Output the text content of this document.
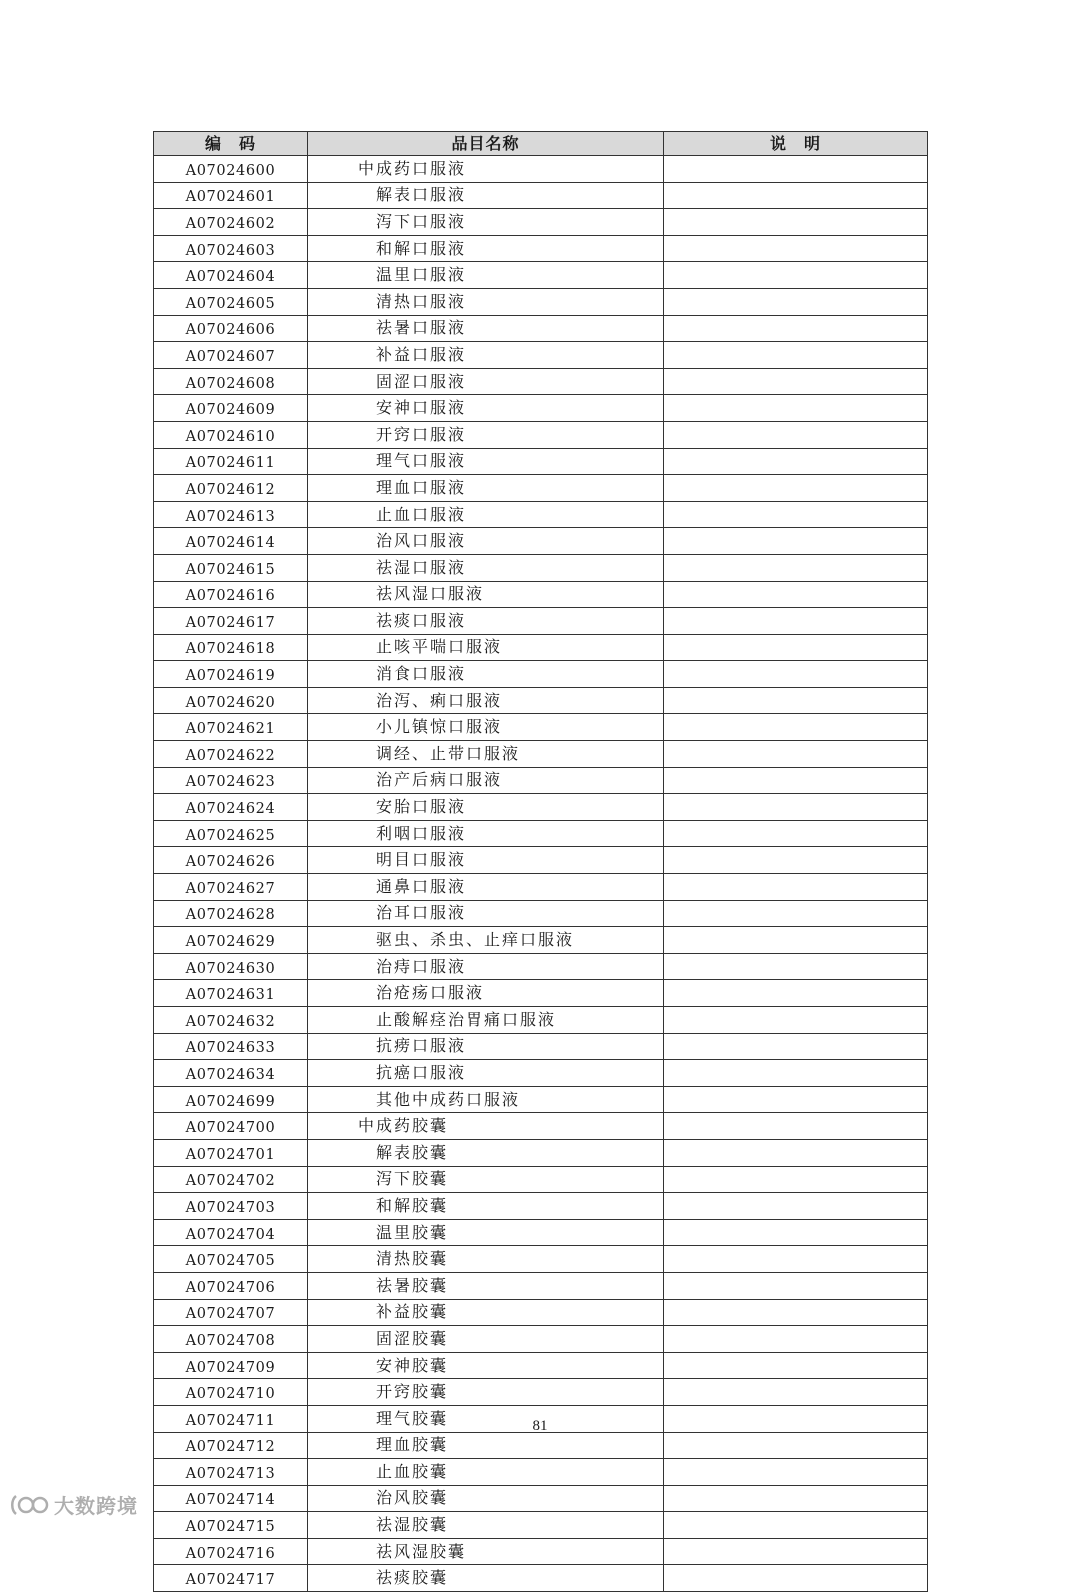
编　码	品目名称	说　明
A07024600	中成药口服液	
A07024601	解表口服液	
A07024602	泻下口服液	
A07024603	和解口服液	
A07024604	温里口服液	
A07024605	清热口服液	
A07024606	祛暑口服液	
A07024607	补益口服液	
A07024608	固涩口服液	
A07024609	安神口服液	
A07024610	开窍口服液	
A07024611	理气口服液	
A07024612	理血口服液	
A07024613	止血口服液	
A07024614	治风口服液	
A07024615	祛湿口服液	
A07024616	祛风湿口服液	
A07024617	祛痰口服液	
A07024618	止咳平喘口服液	
A07024619	消食口服液	
A07024620	治泻、痢口服液	
A07024621	小儿镇惊口服液	
A07024622	调经、止带口服液	
A07024623	治产后病口服液	
A07024624	安胎口服液	
A07024625	利咽口服液	
A07024626	明目口服液	
A07024627	通鼻口服液	
A07024628	治耳口服液	
A07024629	驱虫、杀虫、止痒口服液	
A07024630	治痔口服液	
A07024631	治疮疡口服液	
A07024632	止酸解痉治胃痛口服液	
A07024633	抗痨口服液	
A07024634	抗癌口服液	
A07024699	其他中成药口服液	
A07024700	中成药胶囊	
A07024701	解表胶囊	
A07024702	泻下胶囊	
A07024703	和解胶囊	
A07024704	温里胶囊	
A07024705	清热胶囊	
A07024706	祛暑胶囊	
A07024707	补益胶囊	
A07024708	固涩胶囊	
A07024709	安神胶囊	
A07024710	开窍胶囊	
A07024711	理气胶囊	
A07024712	理血胶囊	
A07024713	止血胶囊	
A07024714	治风胶囊	
A07024715	祛湿胶囊	
A07024716	祛风湿胶囊	
A07024717	祛痰胶囊	
81
大数跨境
